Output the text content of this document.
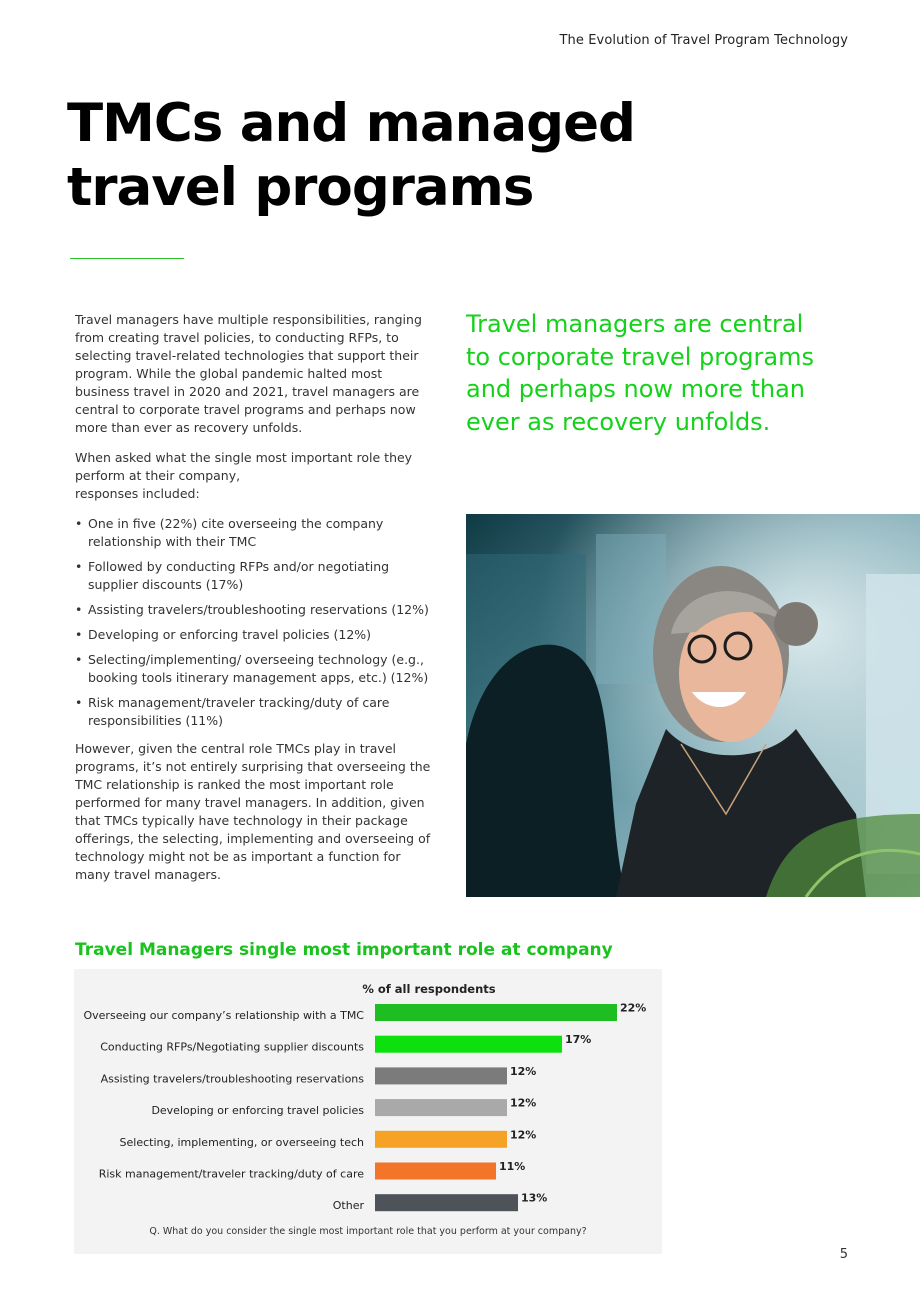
The Evolution of Travel Program Technology
TMCs and managed
travel programs

Travel managers have multiple responsibilities, ranging from creating travel policies, to conducting RFPs, to selecting travel-related technologies that support their program. While the global pandemic halted most business travel in 2020 and 2021, travel managers are central to corporate travel programs and perhaps now more than ever as recovery unfolds.

When asked what the single most important role they perform at their company,
responses included:

• One in five (22%) cite overseeing the company relationship with their TMC
• Followed by conducting RFPs and/or negotiating supplier discounts (17%)
• Assisting travelers/troubleshooting reservations (12%)
• Developing or enforcing travel policies (12%)
• Selecting/implementing/ overseeing technology (e.g., booking tools itinerary management apps, etc.) (12%)
• Risk management/traveler tracking/duty of care responsibilities (11%)

However, given the central role TMCs play in travel programs, it’s not entirely surprising that overseeing the TMC relationship is ranked the most important role performed for many travel managers. In addition, given that TMCs typically have technology in their package offerings, the selecting, implementing and overseeing of technology might not be as important a function for many travel managers.

Travel managers are central to corporate travel programs and perhaps now more than ever as recovery unfolds.

Travel Managers single most important role at company
% of all respondents
Overseeing our company’s relationship with a TMC
22%
Conducting RFPs/Negotiating supplier discounts
17%
Assisting travelers/troubleshooting reservations
12%
Developing or enforcing travel policies
12%
Selecting, implementing, or overseeing tech
12%
Risk management/traveler tracking/duty of care
11%
Other
13%
Q. What do you consider the single most important role that you perform at your company?
5
